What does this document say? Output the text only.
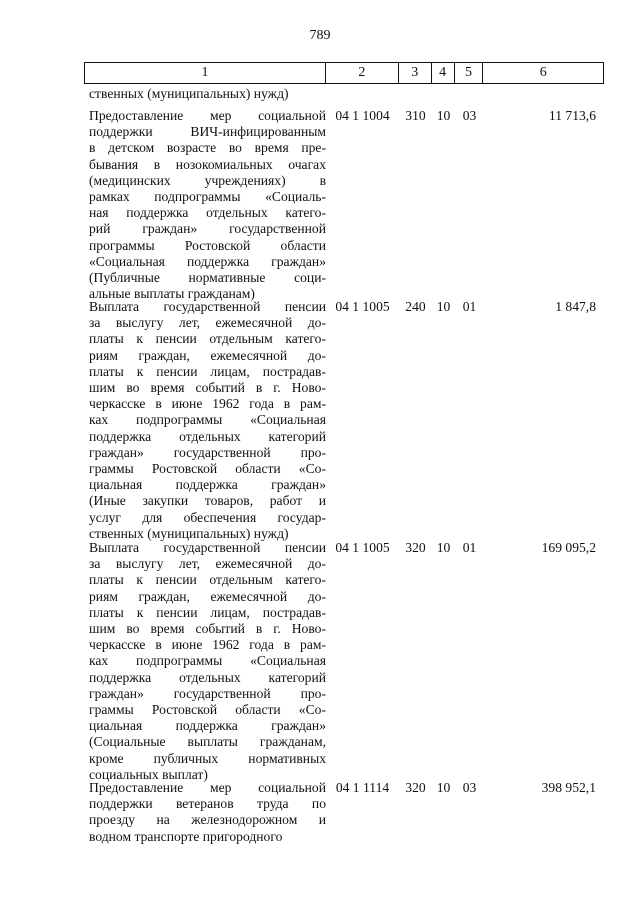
789
1	2	3	4	5	6
ственных (муниципальных) нужд)
Предоставление мер социальной
поддержки ВИЧ-инфицированным
в детском возрасте во время пре-
бывания в нозокомиальных очагах
(медицинских учреждениях) в
рамках подпрограммы «Социаль-
ная поддержка отдельных катего-
рий граждан» государственной
программы Ростовской области
«Социальная поддержка граждан»
(Публичные нормативные соци-
альные выплаты гражданам)
04 1 1004	310 10 03	11 713,6
Выплата государственной пенсии
за выслугу лет, ежемесячной до-
платы к пенсии отдельным катего-
риям граждан, ежемесячной до-
платы к пенсии лицам, пострадав-
шим во время событий в г. Ново-
черкасске в июне 1962 года в рам-
ках подпрограммы «Социальная
поддержка отдельных категорий
граждан» государственной про-
граммы Ростовской области «Со-
циальная поддержка граждан»
(Иные закупки товаров, работ и
услуг для обеспечения государ-
ственных (муниципальных) нужд)
04 1 1005	240 10 01	1 847,8
Выплата государственной пенсии
за выслугу лет, ежемесячной до-
платы к пенсии отдельным катего-
риям граждан, ежемесячной до-
платы к пенсии лицам, пострадав-
шим во время событий в г. Ново-
черкасске в июне 1962 года в рам-
ках подпрограммы «Социальная
поддержка отдельных категорий
граждан» государственной про-
граммы Ростовской области «Со-
циальная поддержка граждан»
(Социальные выплаты гражданам,
кроме публичных нормативных
социальных выплат)
04 1 1005	320 10 01	169 095,2
Предоставление мер социальной
поддержки ветеранов труда по
проезду на железнодорожном и
водном транспорте пригородного
04 1 1114	320 10 03	398 952,1
